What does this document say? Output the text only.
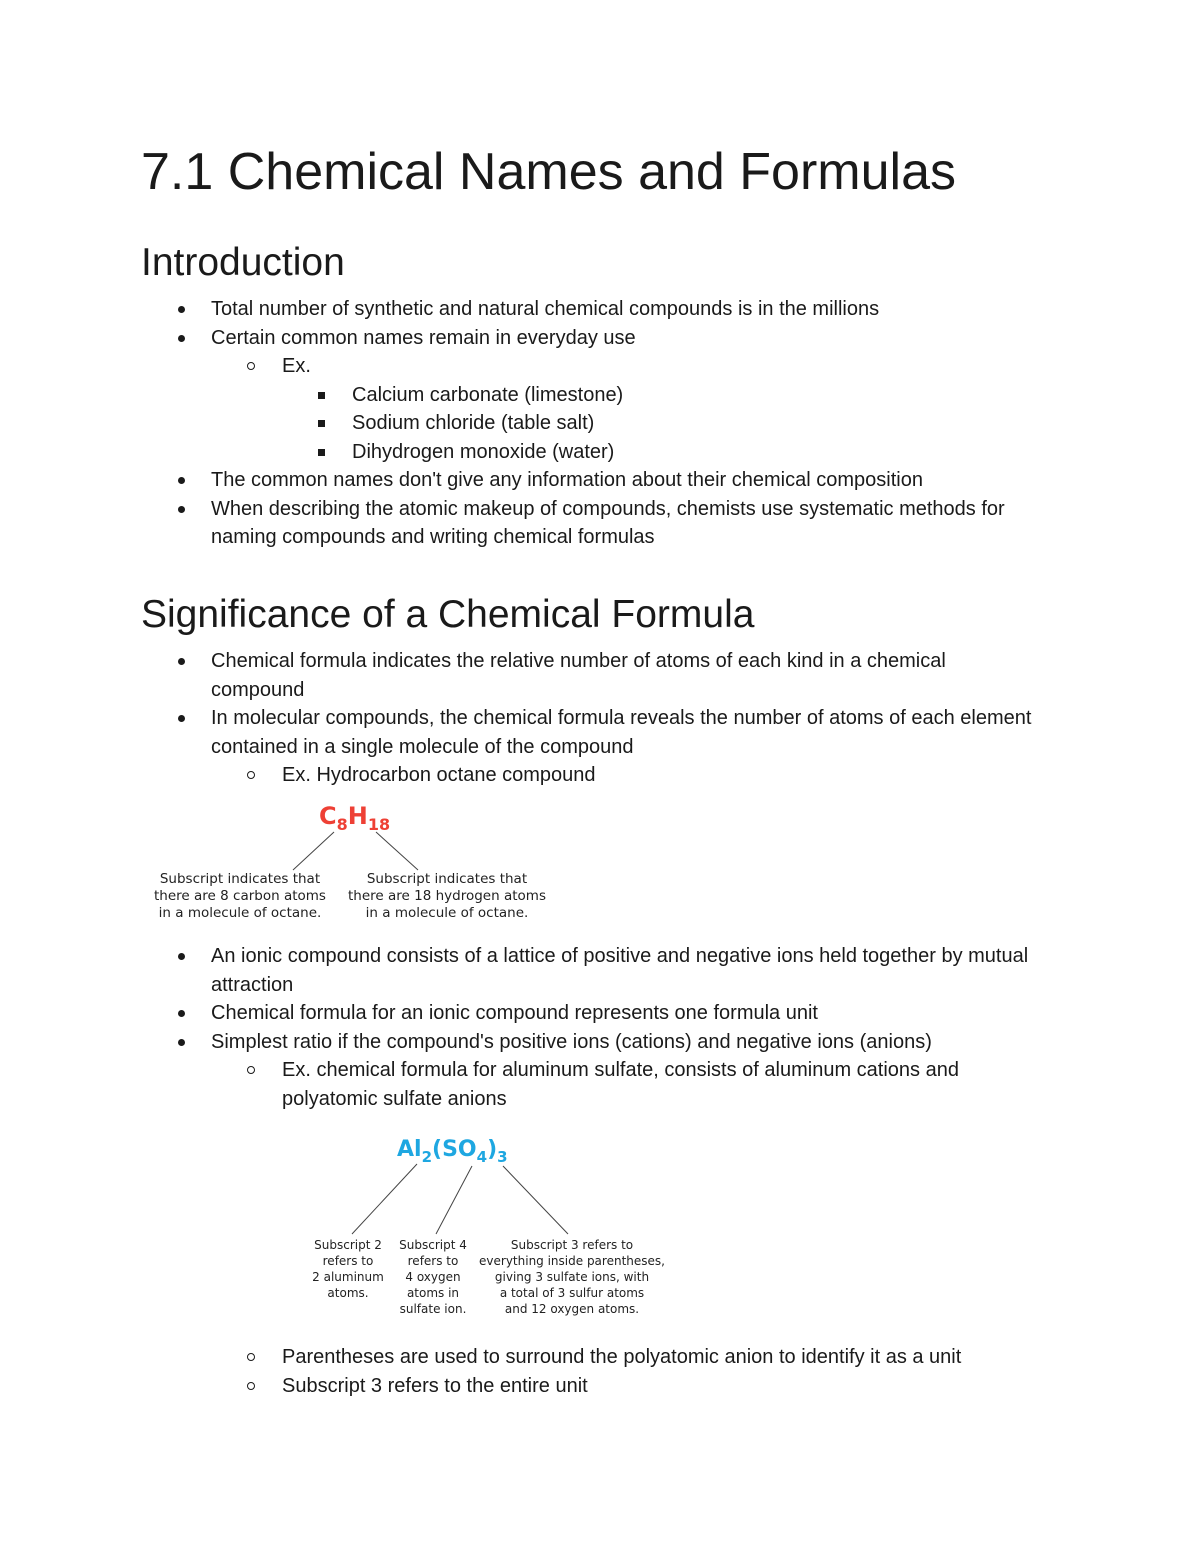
7.1 Chemical Names and Formulas
Introduction
Total number of synthetic and natural chemical compounds is in the millions
Certain common names remain in everyday use
Ex.
Calcium carbonate (limestone)
Sodium chloride (table salt)
Dihydrogen monoxide (water)
The common names don't give any information about their chemical composition
When describing the atomic makeup of compounds, chemists use systematic methods for naming compounds and writing chemical formulas
Significance of a Chemical Formula
Chemical formula indicates the relative number of atoms of each kind in a chemical compound
In molecular compounds, the chemical formula reveals the number of atoms of each element contained in a single molecule of the compound
Ex. Hydrocarbon octane compound
$C_8H_{18}$
Subscript indicates that
there are 8 carbon atoms
in a molecule of octane.
Subscript indicates that
there are 18 hydrogen atoms
in a molecule of octane.
An ionic compound consists of a lattice of positive and negative ions held together by mutual attraction
Chemical formula for an ionic compound represents one formula unit
Simplest ratio if the compound's positive ions (cations) and negative ions (anions)
Ex. chemical formula for aluminum sulfate, consists of aluminum cations and polyatomic sulfate anions
$Al_2(SO_4)_3$
Subscript 2
refers to
2 aluminum
atoms.
Subscript 4
refers to
4 oxygen
atoms in
sulfate ion.
Subscript 3 refers to
everything inside parentheses,
giving 3 sulfate ions, with
a total of 3 sulfur atoms
and 12 oxygen atoms.
Parentheses are used to surround the polyatomic anion to identify it as a unit
Subscript 3 refers to the entire unit
